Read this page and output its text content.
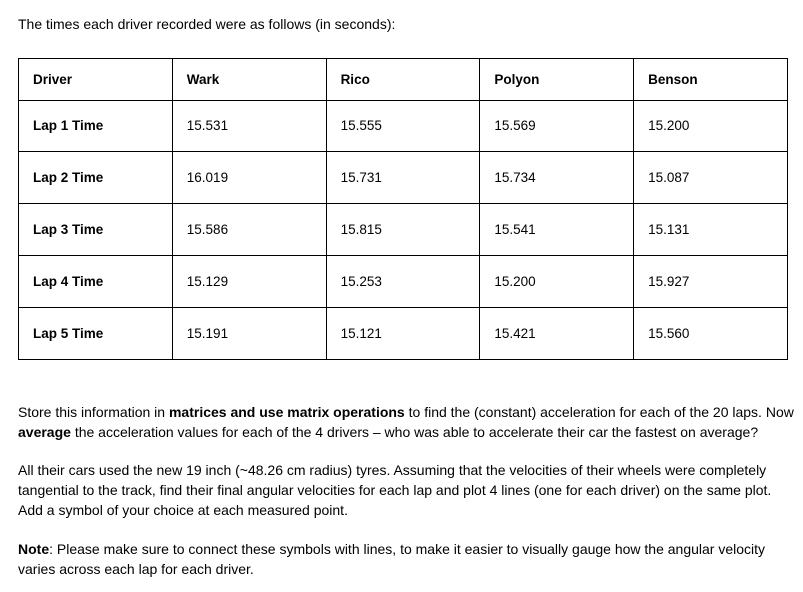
The times each driver recorded were as follows (in seconds):
Driver	Wark	Rico	Polyon	Benson
Lap 1 Time	15.531	15.555	15.569	15.200
Lap 2 Time	16.019	15.731	15.734	15.087
Lap 3 Time	15.586	15.815	15.541	15.131
Lap 4 Time	15.129	15.253	15.200	15.927
Lap 5 Time	15.191	15.121	15.421	15.560
Store this information in matrices and use matrix operations to find the (constant) acceleration for each of the 20 laps. Now average the acceleration values for each of the 4 drivers – who was able to accelerate their car the fastest on average?
All their cars used the new 19 inch (~48.26 cm radius) tyres. Assuming that the velocities of their wheels were completely tangential to the track, find their final angular velocities for each lap and plot 4 lines (one for each driver) on the same plot. Add a symbol of your choice at each measured point.
Note: Please make sure to connect these symbols with lines, to make it easier to visually gauge how the angular velocity varies across each lap for each driver.
